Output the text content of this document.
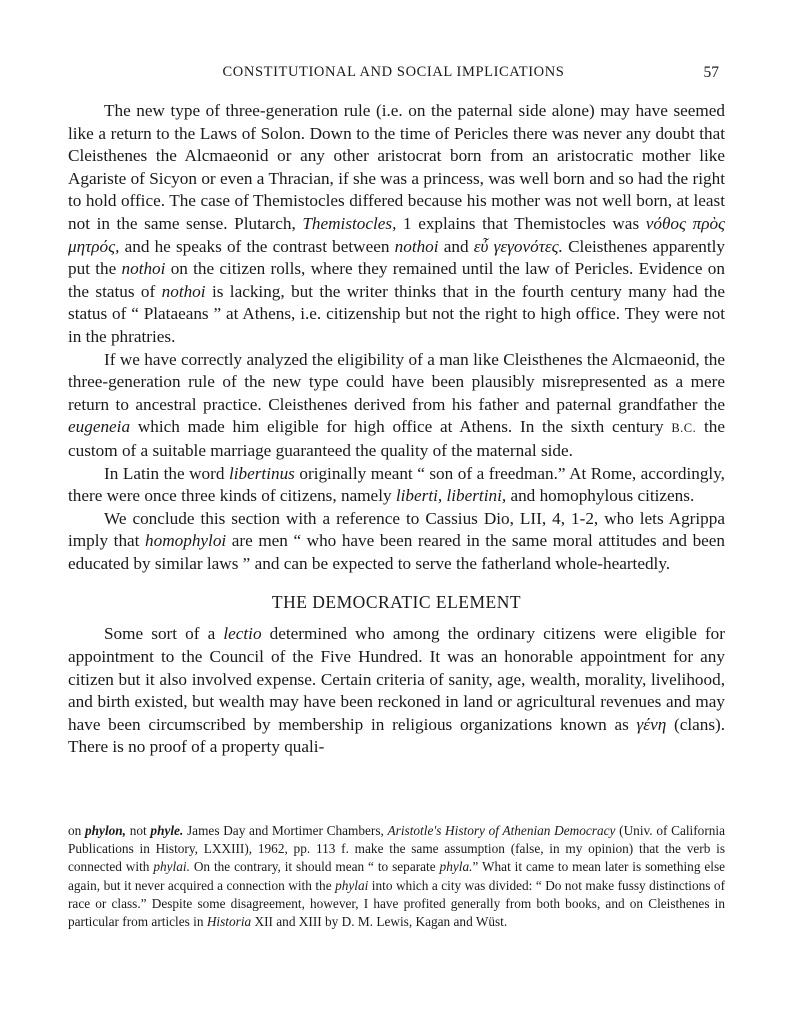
CONSTITUTIONAL AND SOCIAL IMPLICATIONS	57

The new type of three-generation rule (i.e. on the paternal side alone) may have seemed like a return to the Laws of Solon. Down to the time of Pericles there was never any doubt that Cleisthenes the Alcmaeonid or any other aristocrat born from an aristocratic mother like Agariste of Sicyon or even a Thracian, if she was a princess, was well born and so had the right to hold office. The case of Themistocles differed because his mother was not well born, at least not in the same sense. Plutarch, Themistocles, 1 explains that Themistocles was νόθος πρὸς μητρός, and he speaks of the contrast between nothoi and εὖ γεγονότες. Cleisthenes apparently put the nothoi on the citizen rolls, where they remained until the law of Pericles. Evidence on the status of nothoi is lacking, but the writer thinks that in the fourth century many had the status of “ Plataeans ” at Athens, i.e. citizenship but not the right to high office. They were not in the phratries.

If we have correctly analyzed the eligibility of a man like Cleisthenes the Alcmaeonid, the three-generation rule of the new type could have been plausibly misrepresented as a mere return to ancestral practice. Cleisthenes derived from his father and paternal grandfather the eugeneia which made him eligible for high office at Athens. In the sixth century B.C. the custom of a suitable marriage guaranteed the quality of the maternal side.

In Latin the word libertinus originally meant “ son of a freedman.” At Rome, accordingly, there were once three kinds of citizens, namely liberti, libertini, and homophylous citizens.

We conclude this section with a reference to Cassius Dio, LII, 4, 1-2, who lets Agrippa imply that homophyloi are men “ who have been reared in the same moral attitudes and been educated by similar laws ” and can be expected to serve the fatherland whole-heartedly.

THE DEMOCRATIC ELEMENT

Some sort of a lectio determined who among the ordinary citizens were eligible for appointment to the Council of the Five Hundred. It was an honorable appointment for any citizen but it also involved expense. Certain criteria of sanity, age, wealth, morality, livelihood, and birth existed, but wealth may have been reckoned in land or agricultural revenues and may have been circumscribed by membership in religious organizations known as γένη (clans). There is no proof of a property quali-

on phylon, not phyle. James Day and Mortimer Chambers, Aristotle's History of Athenian Democracy (Univ. of California Publications in History, LXXIII), 1962, pp. 113 f. make the same assumption (false, in my opinion) that the verb is connected with phylai. On the contrary, it should mean “ to separate phyla.” What it came to mean later is something else again, but it never acquired a connection with the phylai into which a city was divided: “ Do not make fussy distinctions of race or class.” Despite some disagreement, however, I have profited generally from both books, and on Cleisthenes in particular from articles in Historia XII and XIII by D. M. Lewis, Kagan and Wüst.
